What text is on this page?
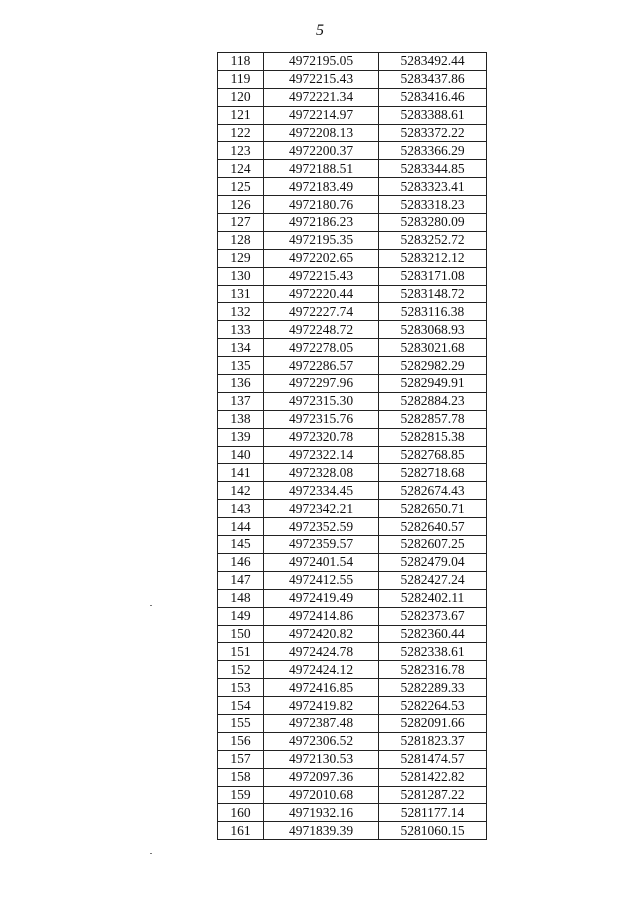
5
118	4972195.05	5283492.44
119	4972215.43	5283437.86
120	4972221.34	5283416.46
121	4972214.97	5283388.61
122	4972208.13	5283372.22
123	4972200.37	5283366.29
124	4972188.51	5283344.85
125	4972183.49	5283323.41
126	4972180.76	5283318.23
127	4972186.23	5283280.09
128	4972195.35	5283252.72
129	4972202.65	5283212.12
130	4972215.43	5283171.08
131	4972220.44	5283148.72
132	4972227.74	5283116.38
133	4972248.72	5283068.93
134	4972278.05	5283021.68
135	4972286.57	5282982.29
136	4972297.96	5282949.91
137	4972315.30	5282884.23
138	4972315.76	5282857.78
139	4972320.78	5282815.38
140	4972322.14	5282768.85
141	4972328.08	5282718.68
142	4972334.45	5282674.43
143	4972342.21	5282650.71
144	4972352.59	5282640.57
145	4972359.57	5282607.25
146	4972401.54	5282479.04
147	4972412.55	5282427.24
148	4972419.49	5282402.11
149	4972414.86	5282373.67
150	4972420.82	5282360.44
151	4972424.78	5282338.61
152	4972424.12	5282316.78
153	4972416.85	5282289.33
154	4972419.82	5282264.53
155	4972387.48	5282091.66
156	4972306.52	5281823.37
157	4972130.53	5281474.57
158	4972097.36	5281422.82
159	4972010.68	5281287.22
160	4971932.16	5281177.14
161	4971839.39	5281060.15
